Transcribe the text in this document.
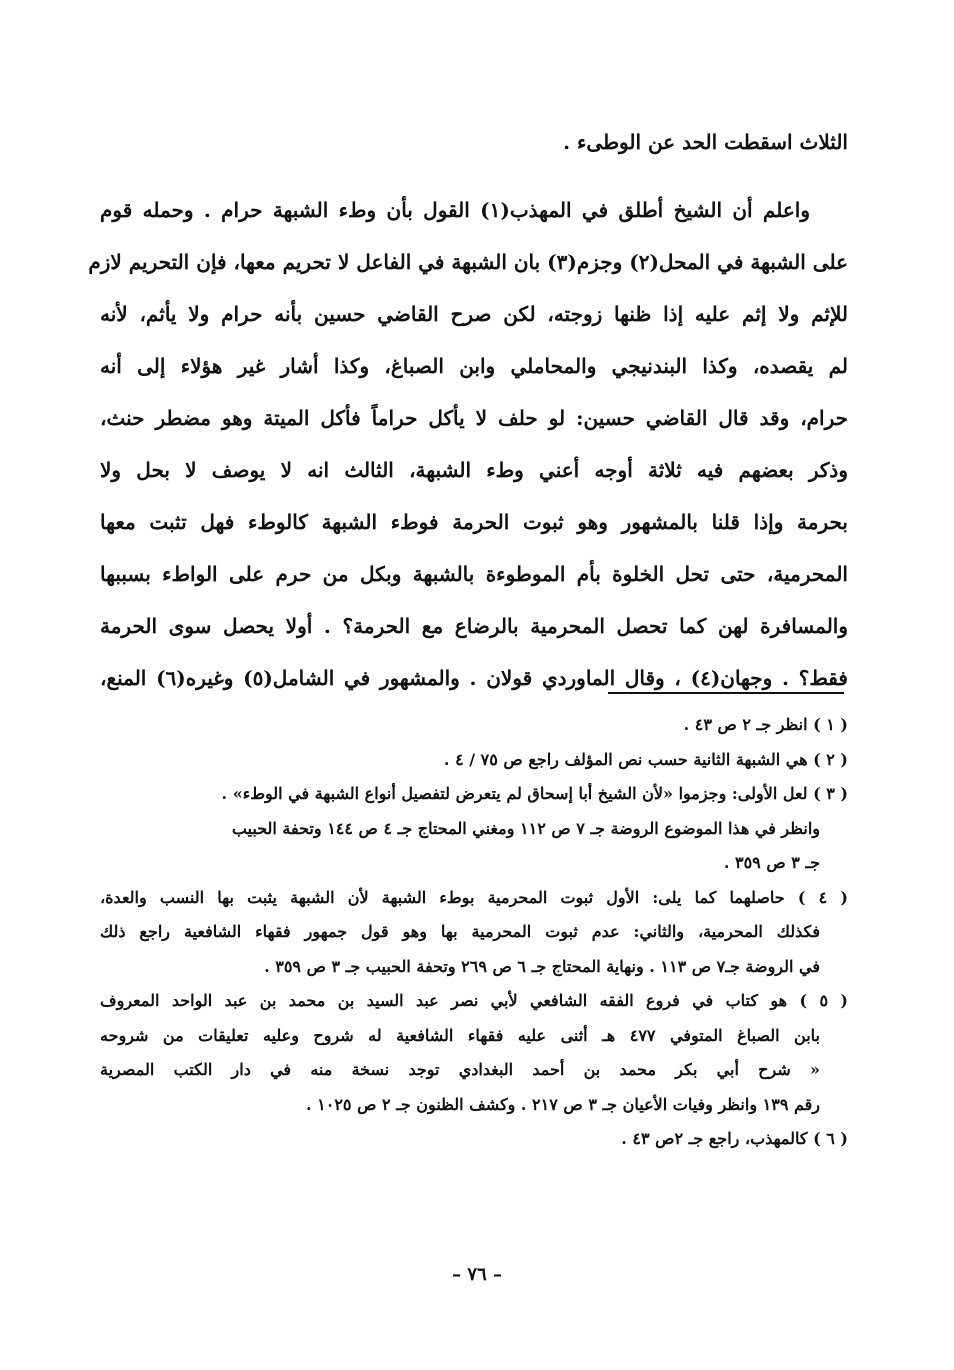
الثلاث اسقطت الحد عن الوطىء .
واعلم أن الشيخ أطلق في المهذب(١) القول بأن وطء الشبهة حرام . وحمله قوم
على الشبهة في المحل(٢) وجزم(٣) بان الشبهة في الفاعل لا تحريم معها، فإن التحريم لازم
للإثم ولا إثم عليه إذا ظنها زوجته، لكن صرح القاضي حسين بأنه حرام ولا يأثم، لأنه
لم يقصده، وكذا البندنيجي والمحاملي وابن الصباغ، وكذا أشار غير هؤلاء إلى أنه
حرام، وقد قال القاضي حسين: لو حلف لا يأكل حراماً فأكل الميتة وهو مضطر حنث،
وذكر بعضهم فيه ثلاثة أوجه أعني وطء الشبهة، الثالث انه لا يوصف لا بحل ولا
بحرمة وإذا قلنا بالمشهور وهو ثبوت الحرمة فوطء الشبهة كالوطء فهل تثبت معها
المحرمية، حتى تحل الخلوة بأم الموطوءة بالشبهة وبكل من حرم على الواطء بسببها
والمسافرة لهن كما تحصل المحرمية بالرضاع مع الحرمة؟ . أولا يحصل سوى الحرمة
فقط؟ . وجهان(٤) ، وقال الماوردي قولان . والمشهور في الشامل(٥) وغيره(٦) المنع،
( ١ ) انظر جـ ٢ ص ٤٣ .
( ٢ ) هي الشبهة الثانية حسب نص المؤلف راجع ص ٧٥ / ٤ .
( ٣ ) لعل الأولى: وجزموا «لأن الشيخ أبا إسحاق لم يتعرض لتفصيل أنواع الشبهة في الوطء» .
وانظر في هذا الموضوع الروضة جـ ٧ ص ١١٢ ومغني المحتاج جـ ٤ ص ١٤٤ وتحفة الحبيب
جـ ٣ ص ٣٥٩ .
( ٤ ) حاصلهما كما يلى: الأول ثبوت المحرمية بوطء الشبهة لأن الشبهة يثبت بها النسب والعدة،
فكذلك المحرمية، والثاني: عدم ثبوت المحرمية بها وهو قول جمهور فقهاء الشافعية راجع ذلك
في الروضة جـ٧ ص ١١٣ . ونهاية المحتاج جـ ٦ ص ٢٦٩ وتحفة الحبيب جـ ٣ ص ٣٥٩ .
( ٥ ) هو كتاب في فروع الفقه الشافعي لأبي نصر عبد السيد بن محمد بن عبد الواحد المعروف
بابن الصباغ المتوفي ٤٧٧ هـ أثنى عليه فقهاء الشافعية له شروح وعليه تعليقات من شروحه
« شرح أبي بكر محمد بن أحمد البغدادي توجد نسخة منه في دار الكتب المصرية
رقم ١٣٩ وانظر وفيات الأعيان جـ ٣ ص ٢١٧ . وكشف الظنون جـ ٢ ص ١٠٢٥ .
( ٦ ) كالمهذب، راجع جـ ٢ص ٤٣ .
– ٧٦ –
